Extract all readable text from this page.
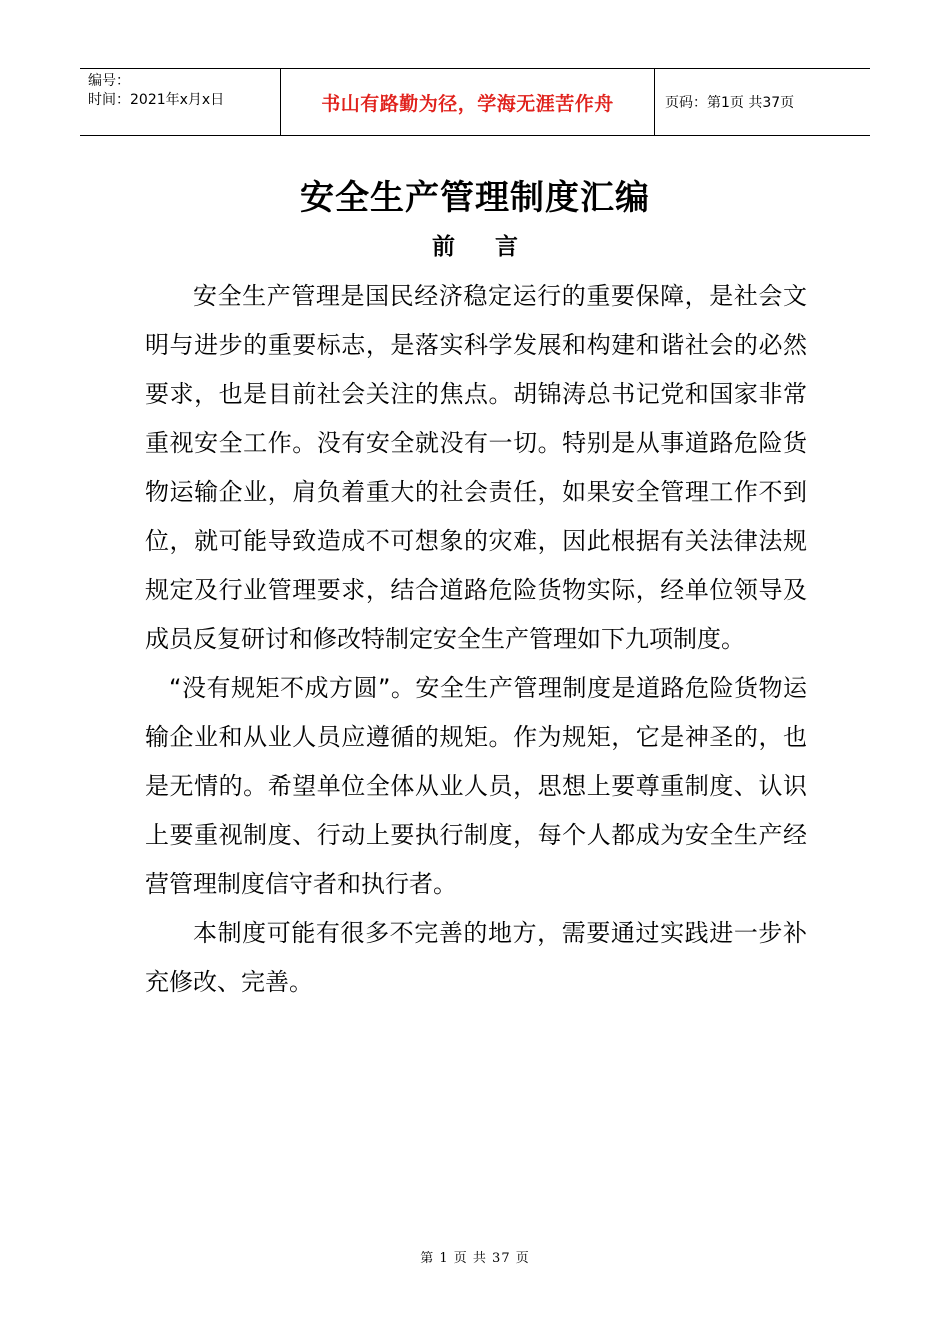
编号：
时间：2021年x月x日	书山有路勤为径，学海无涯苦作舟	页码：第1页 共37页
安全生产管理制度汇编
前言

安全生产管理是国民经济稳定运行的重要保障，是社会文明与进步的重要标志，是落实科学发展和构建和谐社会的必然要求，也是目前社会关注的焦点。胡锦涛总书记党和国家非常重视安全工作。没有安全就没有一切。特别是从事道路危险货物运输企业，肩负着重大的社会责任，如果安全管理工作不到位，就可能导致造成不可想象的灾难，因此根据有关法律法规规定及行业管理要求，结合道路危险货物实际，经单位领导及成员反复研讨和修改特制定安全生产管理如下九项制度。

“没有规矩不成方圆”。安全生产管理制度是道路危险货物运输企业和从业人员应遵循的规矩。作为规矩，它是神圣的，也是无情的。希望单位全体从业人员，思想上要尊重制度、认识上要重视制度、行动上要执行制度，每个人都成为安全生产经营管理制度信守者和执行者。

本制度可能有很多不完善的地方，需要通过实践进一步补充修改、完善。

第 1 页 共 37 页
